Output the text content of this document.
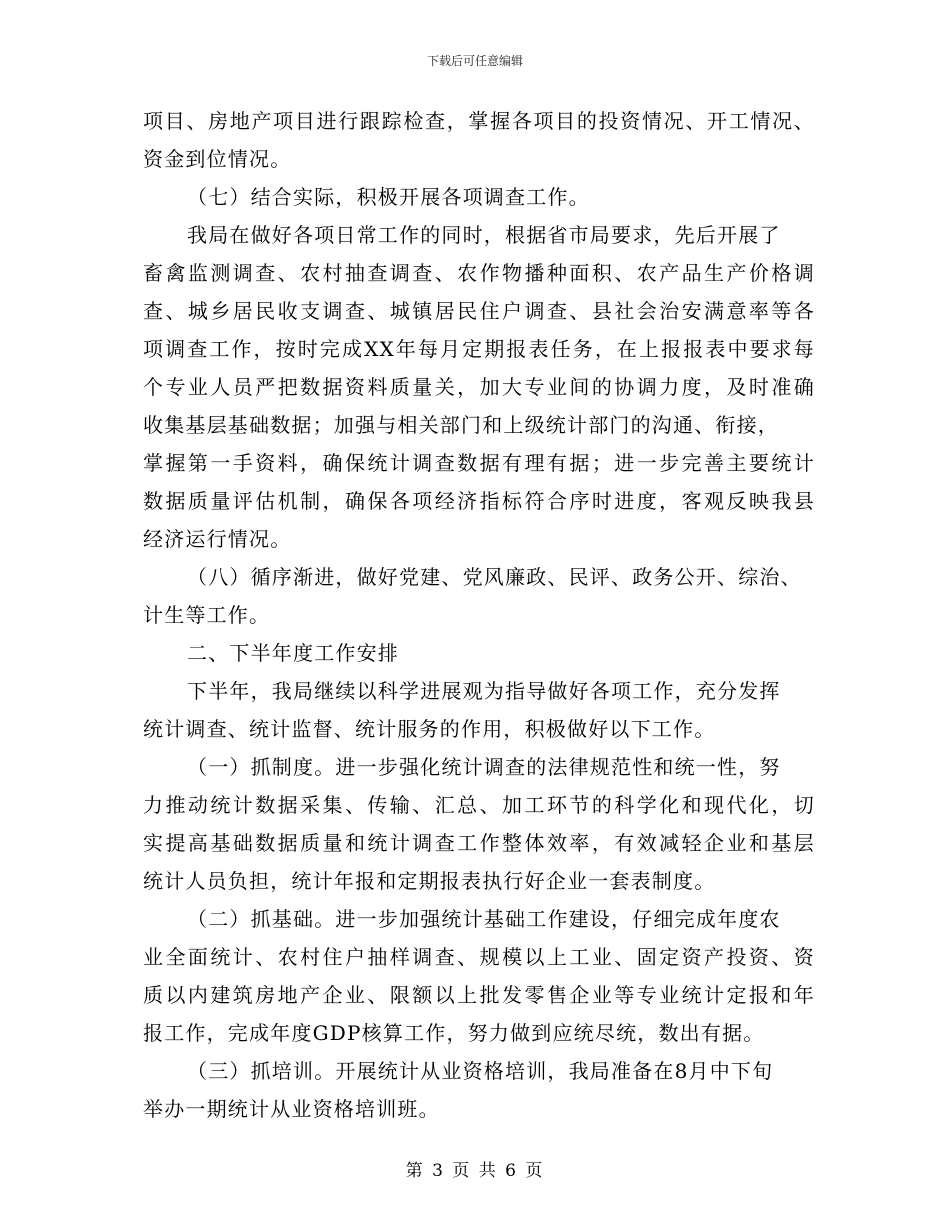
下载后可任意编辑
项目、房地产项目进行跟踪检查，掌握各项目的投资情况、开工情况、
资金到位情况。
（七）结合实际，积极开展各项调查工作。
我局在做好各项日常工作的同时，根据省市局要求，先后开展了
畜禽监测调查、农村抽查调查、农作物播种面积、农产品生产价格调
查、城乡居民收支调查、城镇居民住户调查、县社会治安满意率等各
项调查工作，按时完成XX年每月定期报表任务，在上报报表中要求每
个专业人员严把数据资料质量关，加大专业间的协调力度，及时准确
收集基层基础数据；加强与相关部门和上级统计部门的沟通、衔接，
掌握第一手资料，确保统计调查数据有理有据；进一步完善主要统计
数据质量评估机制，确保各项经济指标符合序时进度，客观反映我县
经济运行情况。
（八）循序渐进，做好党建、党风廉政、民评、政务公开、综治、
计生等工作。
二、下半年度工作安排
下半年，我局继续以科学进展观为指导做好各项工作，充分发挥
统计调查、统计监督、统计服务的作用，积极做好以下工作。
（一）抓制度。进一步强化统计调查的法律规范性和统一性，努
力推动统计数据采集、传输、汇总、加工环节的科学化和现代化，切
实提高基础数据质量和统计调查工作整体效率，有效减轻企业和基层
统计人员负担，统计年报和定期报表执行好企业一套表制度。
（二）抓基础。进一步加强统计基础工作建设，仔细完成年度农
业全面统计、农村住户抽样调查、规模以上工业、固定资产投资、资
质以内建筑房地产企业、限额以上批发零售企业等专业统计定报和年
报工作，完成年度GDP核算工作，努力做到应统尽统，数出有据。
（三）抓培训。开展统计从业资格培训，我局准备在8月中下旬
举办一期统计从业资格培训班。
第 3 页 共 6 页
